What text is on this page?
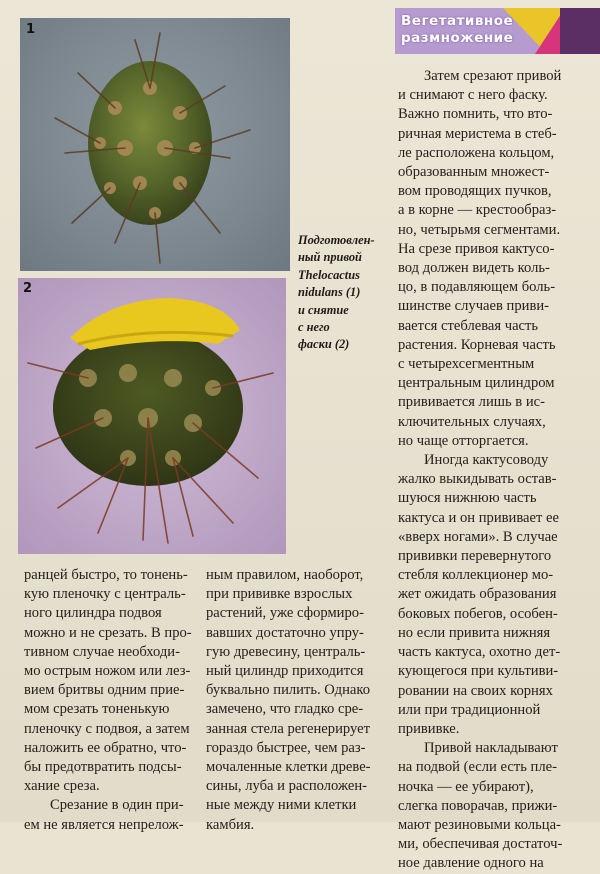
Вегетативное
размножение
1
2
Подготовлен-
ный привой
Thelocactus
nidulans (1)
и снятие
с него
фаски (2)
Затем срезают привой
и снимают с него фаску.
Важно помнить, что вто-
ричная меристема в стеб-
ле расположена кольцом,
образованным множест-
вом проводящих пучков,
а в корне — крестообраз-
но, четырьмя сегментами.
На срезе привоя кактусо-
вод должен видеть коль-
цо, в подавляющем боль-
шинстве случаев приви-
вается стеблевая часть
растения. Корневая часть
с четырехсегментным
центральным цилиндром
прививается лишь в ис-
ключительных случаях,
но чаще отторгается.
Иногда кактусоводу
жалко выкидывать остав-
шуюся нижнюю часть
кактуса и он прививает ее
«вверх ногами». В случае
прививки перевернутого
стебля коллекционер мо-
жет ожидать образования
боковых побегов, особен-
но если привита нижняя
часть кактуса, охотно дет-
кующегося при культиви-
ровании на своих корнях
или при традиционной
прививке.
Привой накладывают
на подвой (если есть пле-
ночка — ее убирают),
слегка поворачав, прижи-
мают резиновыми кольца-
ми, обеспечивая достаточ-
ное давление одного на
ранцей быстро, то тонень-
кую пленочку с централь-
ного цилиндра подвоя
можно и не срезать. В про-
тивном случае необходи-
мо острым ножом или лез-
вием бритвы одним прие-
мом срезать тоненькую
пленочку с подвоя, а затем
наложить ее обратно, что-
бы предотвратить подсы-
хание среза.
Срезание в один при-
ем не является непрелож-
ным правилом, наоборот,
при прививке взрослых
растений, уже сформиро-
вавших достаточно упру-
гую древесину, централь-
ный цилиндр приходится
буквально пилить. Однако
замечено, что гладко сре-
занная стела регенерирует
гораздо быстрее, чем раз-
мочаленные клетки древе-
сины, луба и расположен-
ные между ними клетки
камбия.
